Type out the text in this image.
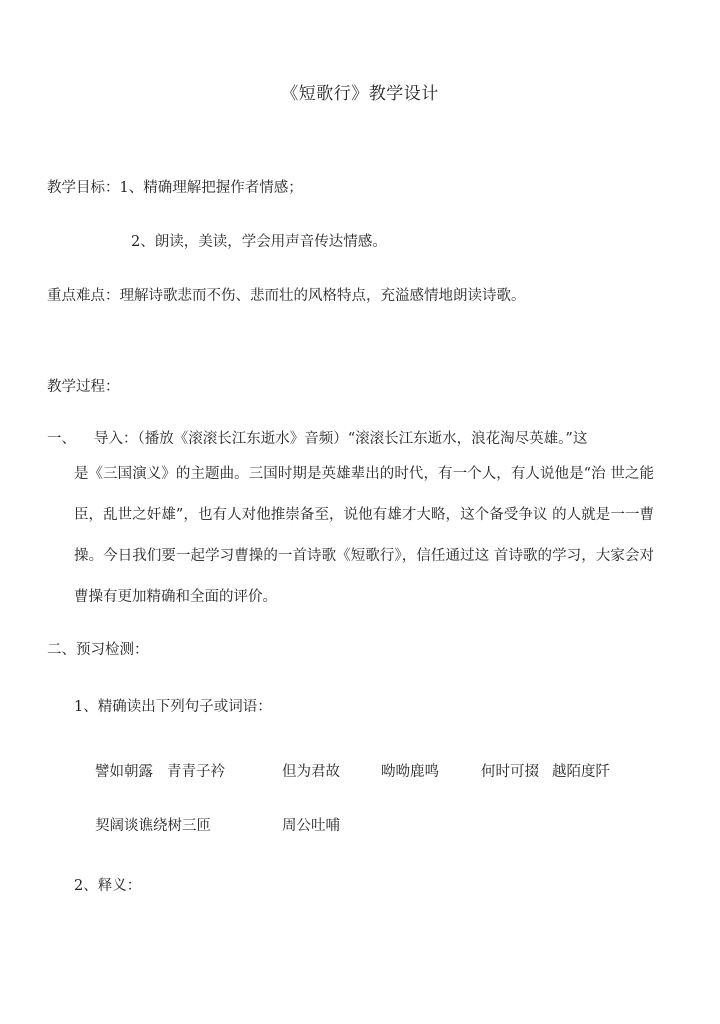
《短歌行》教学设计
教学目标：1、精确理解把握作者情感；
2、朗读，美读，学会用声音传达情感。
重点难点：理解诗歌悲而不伤、悲而壮的风格特点，充溢感情地朗读诗歌。
教学过程：
一、 导入：（播放《滚滚长江东逝水》音频）“滚滚长江东逝水，浪花淘尽英雄。”这
是《三国演义》的主题曲。三国时期是英雄辈出的时代，有一个人，有人说他是“治 世之能臣，乱世之奸雄”，也有人对他推崇备至，说他有雄才大略，这个备受争议 的人就是一一曹操。今日我们要一起学习曹操的一首诗歌《短歌行》，信任通过这 首诗歌的学习，大家会对曹操有更加精确和全面的评价。
二、预习检测：
1、精确读出下列句子或词语：
譬如朝露 青青子衿	但为君故	呦呦鹿鸣	何时可掇 越陌度阡
契阔谈谯绕树三匝	周公吐哺
2、释义：
